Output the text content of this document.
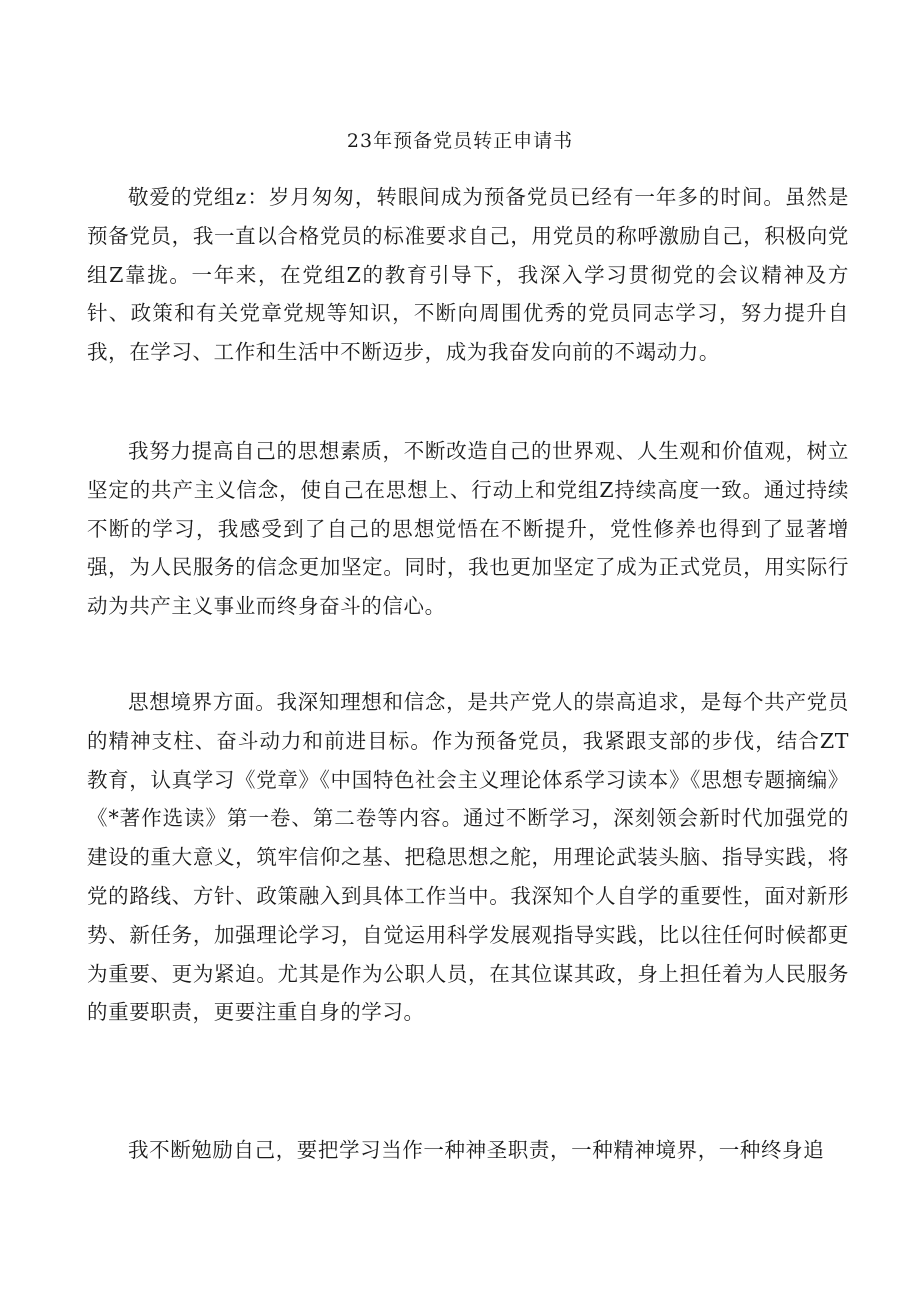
23年预备党员转正申请书

敬爱的党组z：岁月匆匆，转眼间成为预备党员已经有一年多的时间。虽然是预备党员，我一直以合格党员的标准要求自己，用党员的称呼激励自己，积极向党组Z靠拢。一年来，在党组Z的教育引导下，我深入学习贯彻党的会议精神及方针、政策和有关党章党规等知识，不断向周围优秀的党员同志学习，努力提升自我，在学习、工作和生活中不断迈步，成为我奋发向前的不竭动力。

我努力提高自己的思想素质，不断改造自己的世界观、人生观和价值观，树立坚定的共产主义信念，使自己在思想上、行动上和党组Z持续高度一致。通过持续不断的学习，我感受到了自己的思想觉悟在不断提升，党性修养也得到了显著增强，为人民服务的信念更加坚定。同时，我也更加坚定了成为正式党员，用实际行动为共产主义事业而终身奋斗的信心。

思想境界方面。我深知理想和信念，是共产党人的崇高追求，是每个共产党员的精神支柱、奋斗动力和前进目标。作为预备党员，我紧跟支部的步伐，结合ZT教育，认真学习《党章》《中国特色社会主义理论体系学习读本》《思想专题摘编》《*著作选读》第一卷、第二卷等内容。通过不断学习，深刻领会新时代加强党的建设的重大意义，筑牢信仰之基、把稳思想之舵，用理论武装头脑、指导实践，将党的路线、方针、政策融入到具体工作当中。我深知个人自学的重要性，面对新形势、新任务，加强理论学习，自觉运用科学发展观指导实践，比以往任何时候都更为重要、更为紧迫。尤其是作为公职人员，在其位谋其政，身上担任着为人民服务的重要职责，更要注重自身的学习。

我不断勉励自己，要把学习当作一种神圣职责，一种精神境界，一种终身追
